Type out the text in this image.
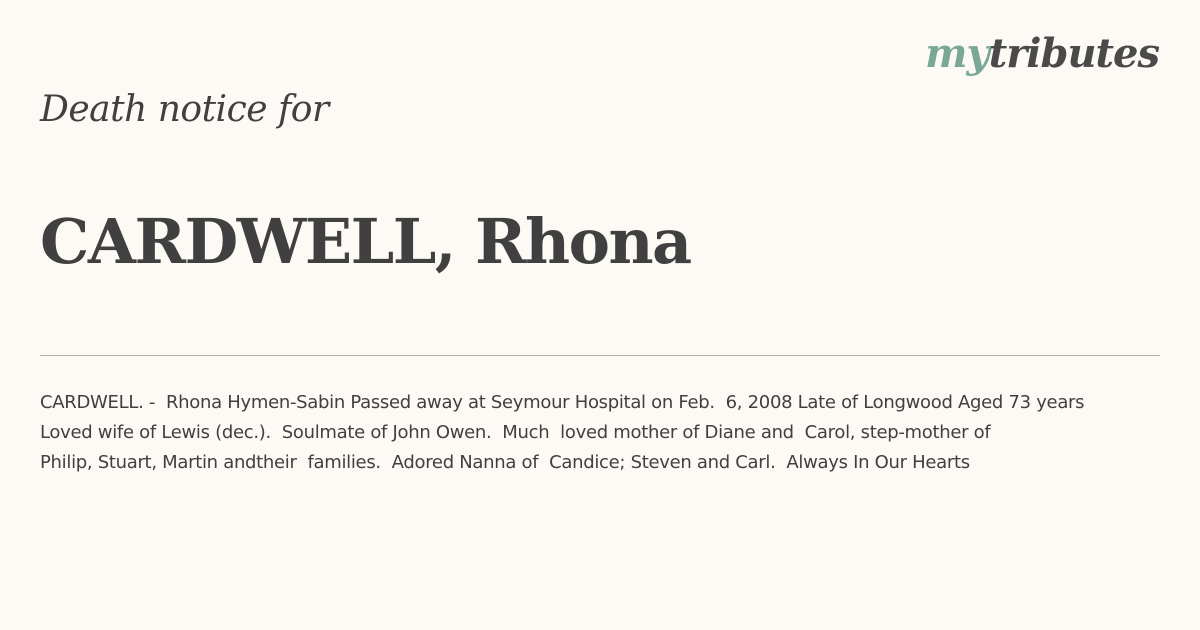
mytributes
Death notice for
CARDWELL, Rhona

CARDWELL. -  Rhona Hymen-Sabin Passed away at Seymour Hospital on Feb.  6, 2008 Late of Longwood Aged 73 years
Loved wife of Lewis (dec.).  Soulmate of John Owen.  Much  loved mother of Diane and  Carol, step-mother of
Philip, Stuart, Martin andtheir  families.  Adored Nanna of  Candice; Steven and Carl.  Always In Our Hearts
